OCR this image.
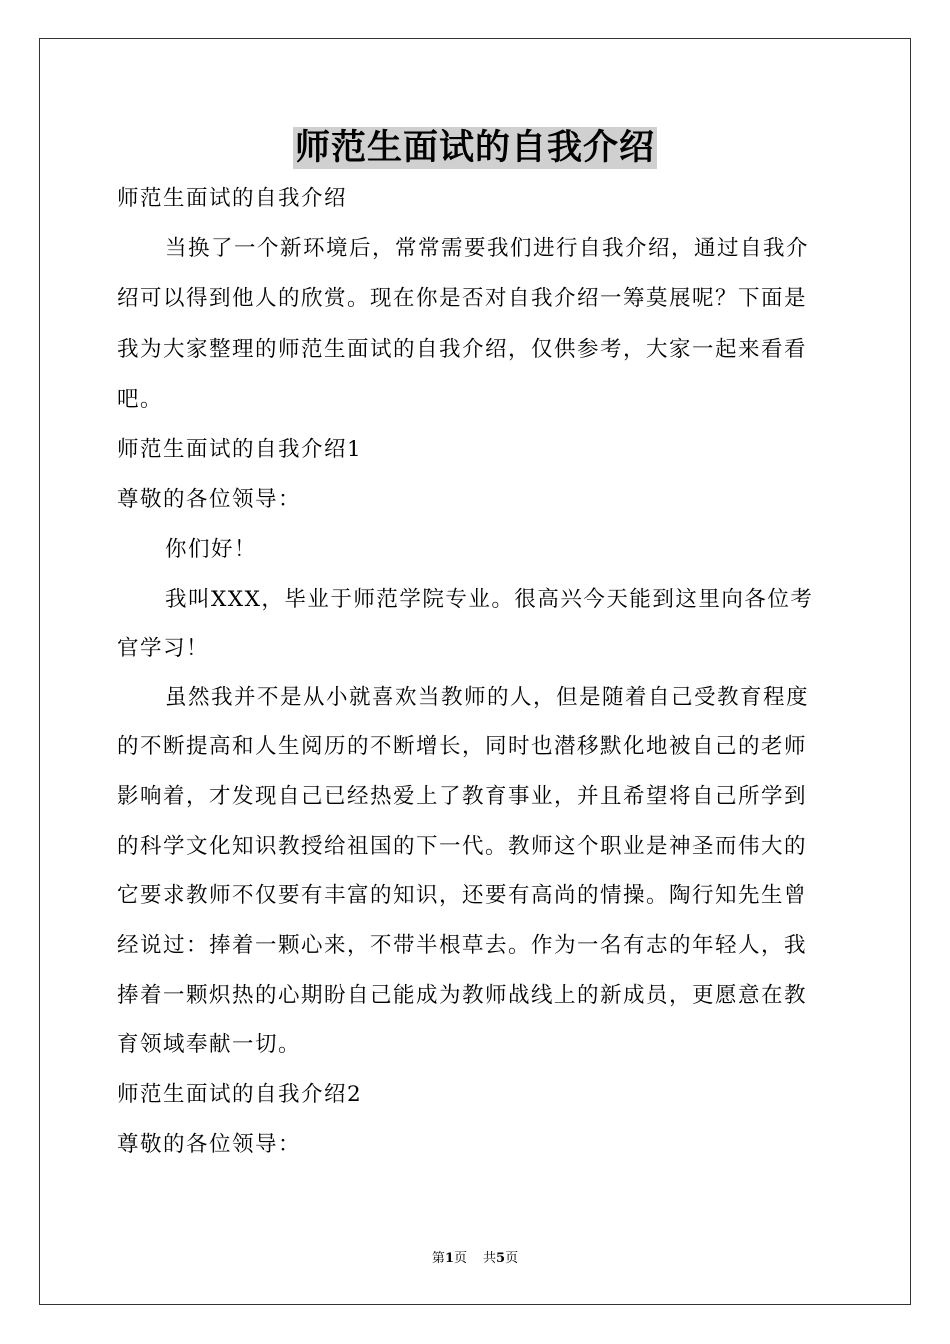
师范生面试的自我介绍
师范生面试的自我介绍
当换了一个新环境后，常常需要我们进行自我介绍，通过自我介
绍可以得到他人的欣赏。现在你是否对自我介绍一筹莫展呢？下面是
我为大家整理的师范生面试的自我介绍，仅供参考，大家一起来看看
吧。
师范生面试的自我介绍1
尊敬的各位领导：
你们好！
我叫XXX，毕业于师范学院专业。很高兴今天能到这里向各位考
官学习！
虽然我并不是从小就喜欢当教师的人，但是随着自己受教育程度
的不断提高和人生阅历的不断增长，同时也潜移默化地被自己的老师
影响着，才发现自己已经热爱上了教育事业，并且希望将自己所学到
的科学文化知识教授给祖国的下一代。教师这个职业是神圣而伟大的
它要求教师不仅要有丰富的知识，还要有高尚的情操。陶行知先生曾
经说过：捧着一颗心来，不带半根草去。作为一名有志的年轻人，我
捧着一颗炽热的心期盼自己能成为教师战线上的新成员，更愿意在教
育领域奉献一切。
师范生面试的自我介绍2
尊敬的各位领导：
第1页 共5页
